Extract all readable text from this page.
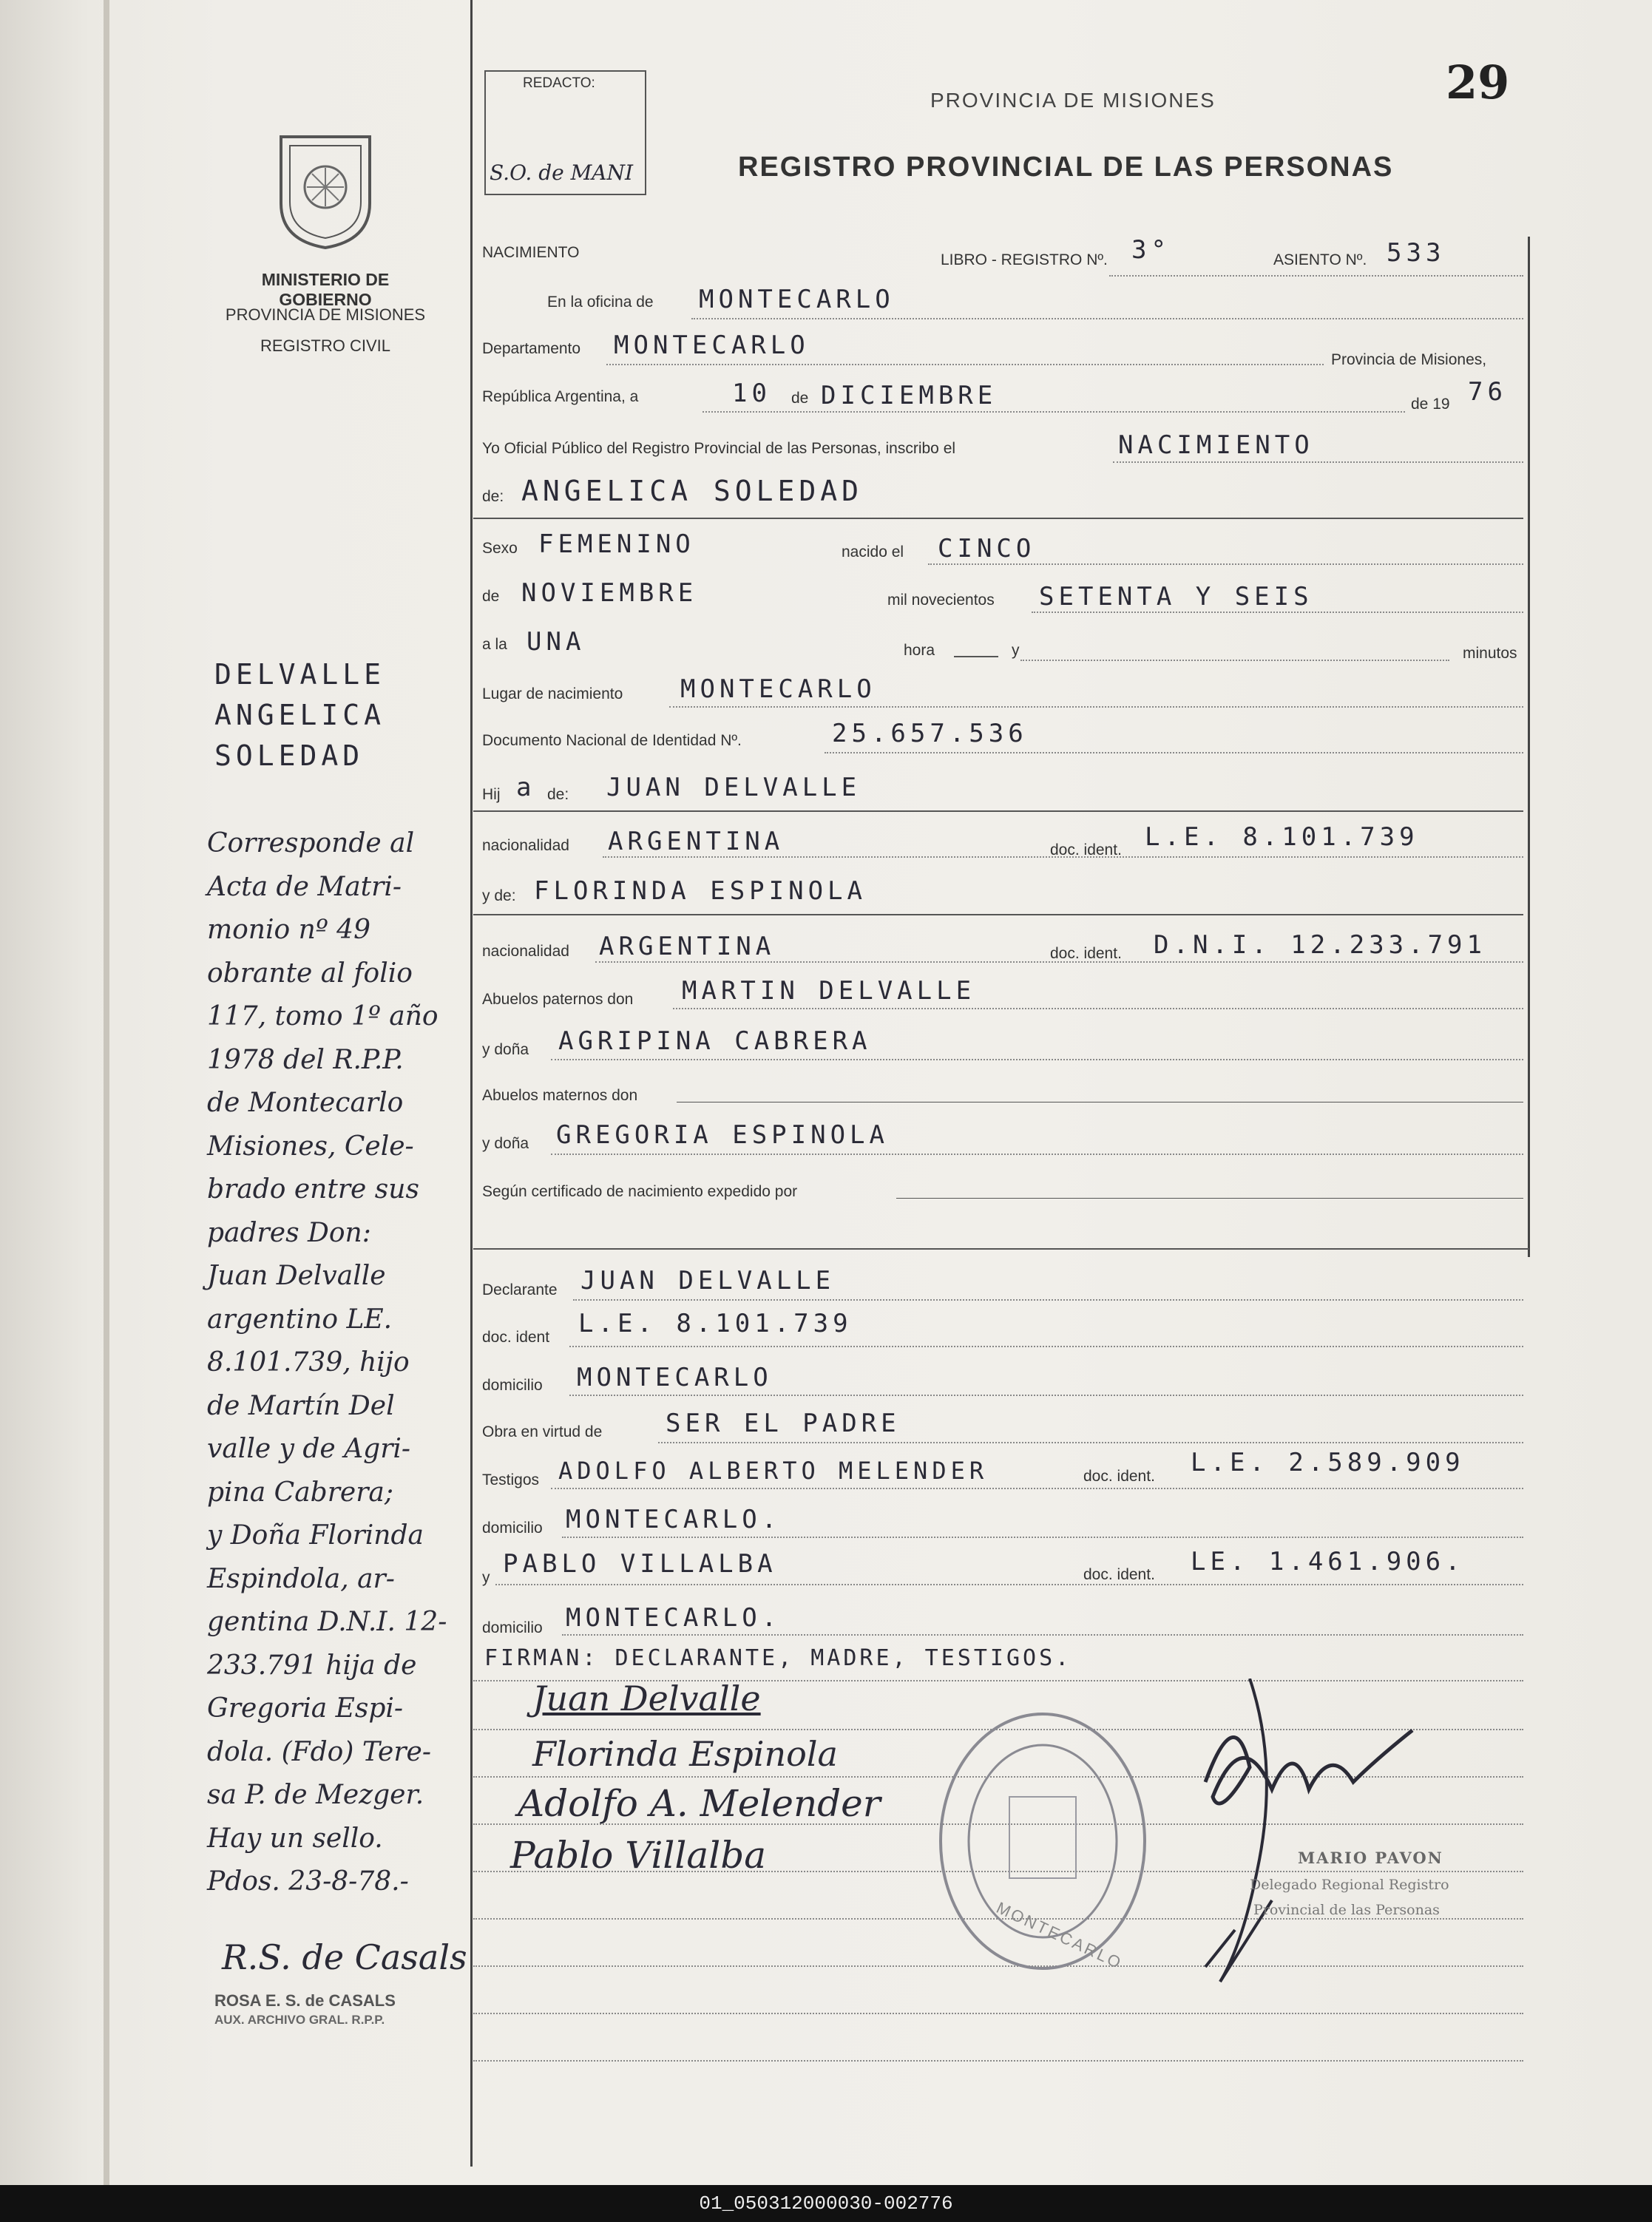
29
MINISTERIO DE GOBIERNO
PROVINCIA DE MISIONES
REGISTRO CIVIL
REDACTO:
S.O. de MANI
PROVINCIA DE MISIONES
REGISTRO PROVINCIAL DE LAS PERSONAS
NACIMIENTO	LIBRO - REGISTRO Nº. 3°	ASIENTO Nº. 533
En la oficina de MONTECARLO
Departamento MONTECARLO	Provincia de Misiones,
República Argentina, a	10 de DICIEMBRE	de 19 76
Yo Oficial Público del Registro Provincial de las Personas, inscribo el	NACIMIENTO
de: ANGELICA SOLEDAD
Sexo FEMENINO	nacido el CINCO
de NOVIEMBRE	mil novecientos SETENTA Y SEIS
a la UNA	hora	y	minutos
Lugar de nacimiento MONTECARLO
Documento Nacional de Identidad Nº.	25.657.536
Hij a de: JUAN DELVALLE
nacionalidad ARGENTINA	doc. ident. L.E. 8.101.739
y de: FLORINDA ESPINOLA
nacionalidad ARGENTINA	doc. ident. D.N.I. 12.233.791
Abuelos paternos don MARTIN DELVALLE
y doña AGRIPINA CABRERA
Abuelos maternos don
y doña GREGORIA ESPINOLA
Según certificado de nacimiento expedido por
Declarante JUAN DELVALLE
doc. ident L.E. 8.101.739
domicilio MONTECARLO
Obra en virtud de	SER EL PADRE
Testigos ADOLFO ALBERTO MELENDER	doc. ident. L.E. 2.589.909
domicilio MONTECARLO.
y PABLO VILLALBA	doc. ident. LE. 1.461.906.
domicilio MONTECARLO.
FIRMAN: DECLARANTE, MADRE, TESTIGOS.
Juan Delvalle
Florinda Espinola
Adolfo A. Melender
Pablo Villalba
MONTECARLO
MARIO PAVON
Delegado Regional Registro
Provincial de las Personas
DELVALLE
ANGELICA
SOLEDAD
Corresponde al
Acta de Matri-
monio nº 49
obrante al folio
117, tomo 1º año
1978 del R.P.P.
de Montecarlo
Misiones, Cele-
brado entre sus
padres Don:
Juan Delvalle
argentino LE.
8.101.739, hijo
de Martín Del
valle y de Agri-
pina Cabrera;
y Doña Florinda
Espindola, ar-
gentina D.N.I. 12-
233.791 hija de
Gregoria Espi-
dola. (Fdo) Tere-
sa P. de Mezger.
Hay un sello.
Pdos. 23-8-78.-
R.S. de Casals
ROSA E. S. de CASALS
AUX. ARCHIVO GRAL. R.P.P.
01_050312000030-002776
